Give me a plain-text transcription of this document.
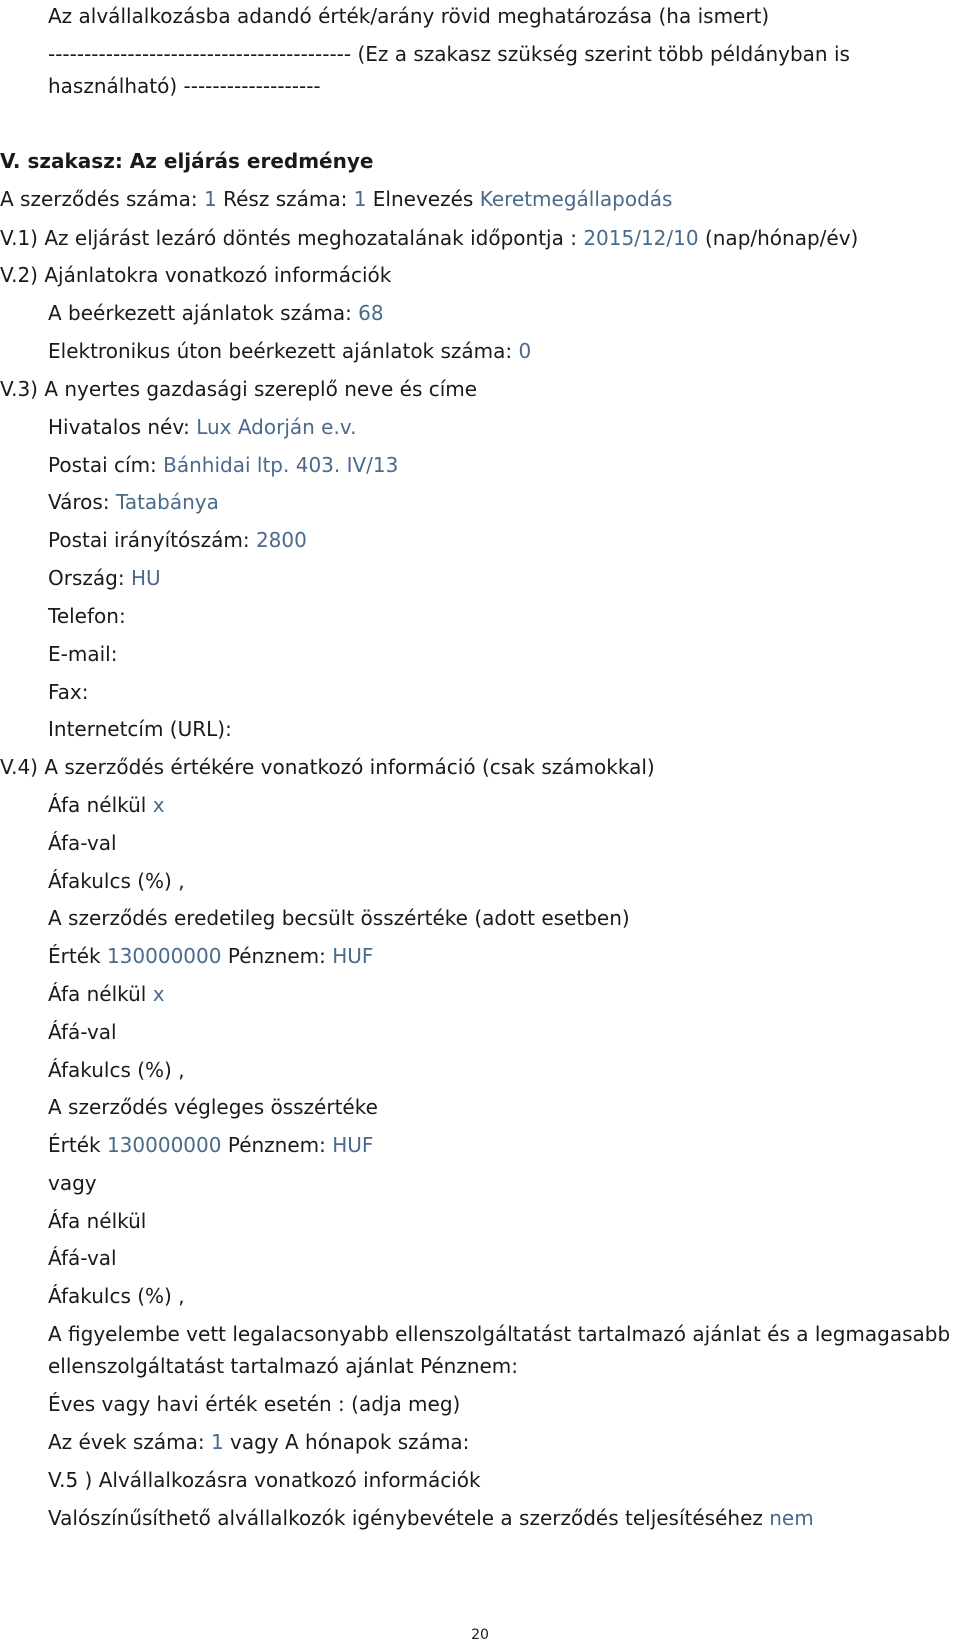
Az alvállalkozásba adandó érték/arány rövid meghatározása (ha ismert)
------------------------------------------ (Ez a szakasz szükség szerint több példányban is
használható) -------------------
V. szakasz: Az eljárás eredménye
A szerződés száma: 1 Rész száma: 1 Elnevezés Keretmegállapodás
V.1) Az eljárást lezáró döntés meghozatalának időpontja : 2015/12/10 (nap/hónap/év)
V.2) Ajánlatokra vonatkozó információk
A beérkezett ajánlatok száma: 68
Elektronikus úton beérkezett ajánlatok száma: 0
V.3) A nyertes gazdasági szereplő neve és címe
Hivatalos név: Lux Adorján e.v.
Postai cím: Bánhidai ltp. 403. IV/13
Város: Tatabánya
Postai irányítószám: 2800
Ország: HU
Telefon:
E-mail:
Fax:
Internetcím (URL):
V.4) A szerződés értékére vonatkozó információ (csak számokkal)
Áfa nélkül x
Áfa-val
Áfakulcs (%) ,
A szerződés eredetileg becsült összértéke (adott esetben)
Érték 130000000 Pénznem: HUF
Áfa nélkül x
Áfá-val
Áfakulcs (%) ,
A szerződés végleges összértéke
Érték 130000000 Pénznem: HUF
vagy
Áfa nélkül
Áfá-val
Áfakulcs (%) ,
A figyelembe vett legalacsonyabb ellenszolgáltatást tartalmazó ajánlat és a legmagasabb
ellenszolgáltatást tartalmazó ajánlat Pénznem:
Éves vagy havi érték esetén : (adja meg)
Az évek száma: 1 vagy A hónapok száma:
V.5 ) Alvállalkozásra vonatkozó információk
Valószínűsíthető alvállalkozók igénybevétele a szerződés teljesítéséhez nem
20
